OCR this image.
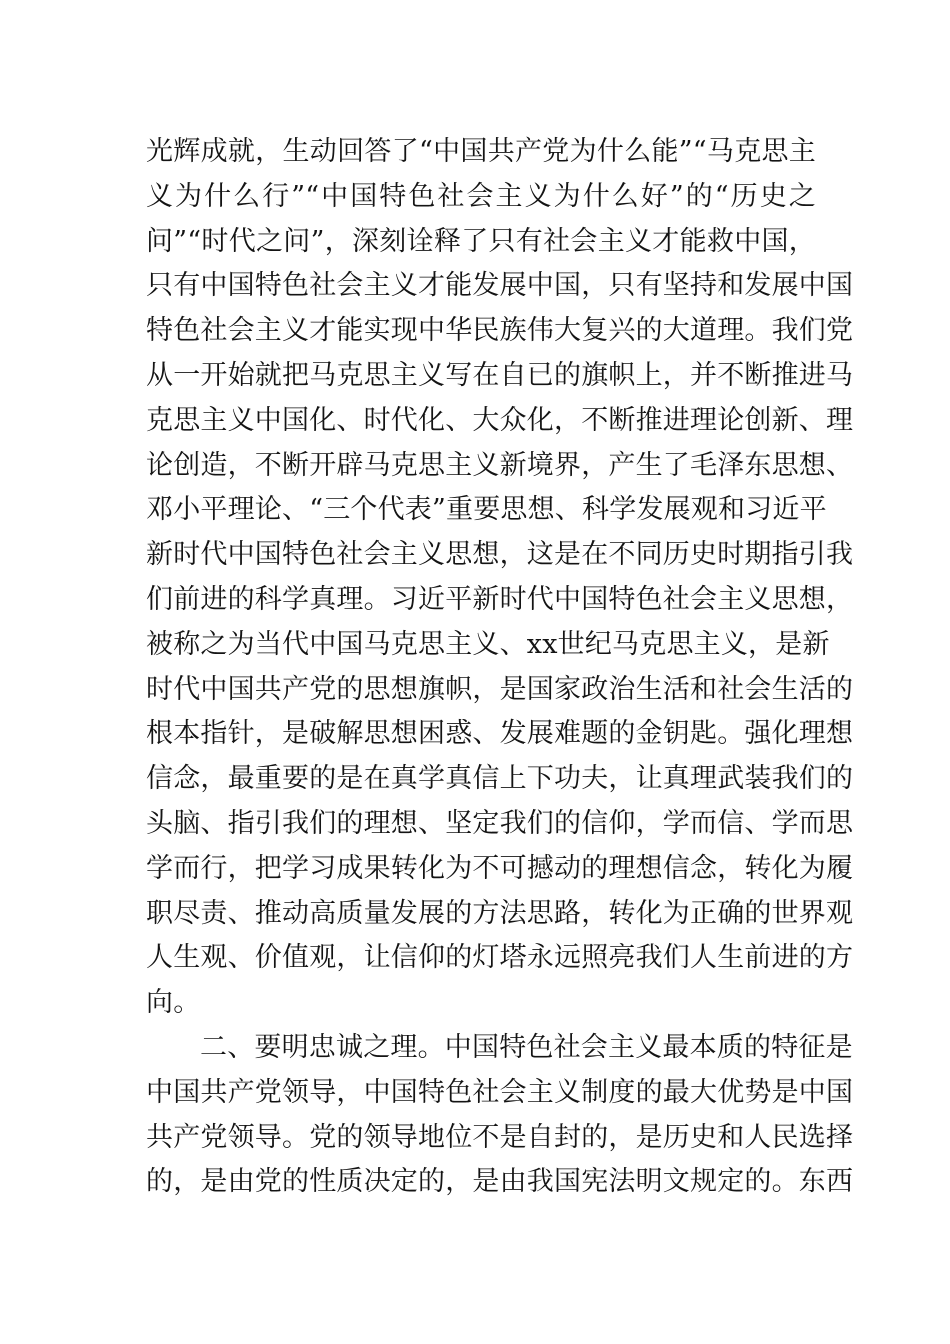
光辉成就，生动回答了“中国共产党为什么能”“马克思主
义为什么行”“中国特色社会主义为什么好”的“历史之
问”“时代之问”，深刻诠释了只有社会主义才能救中国，
只有中国特色社会主义才能发展中国，只有坚持和发展中国
特色社会主义才能实现中华民族伟大复兴的大道理。我们党
从一开始就把马克思主义写在自已的旗帜上，并不断推进马
克思主义中国化、时代化、大众化，不断推进理论创新、理
论创造，不断开辟马克思主义新境界，产生了毛泽东思想、
邓小平理论、“三个代表”重要思想、科学发展观和习近平
新时代中国特色社会主义思想，这是在不同历史时期指引我
们前进的科学真理。习近平新时代中国特色社会主义思想，
被称之为当代中国马克思主义、xx世纪马克思主义，是新
时代中国共产党的思想旗帜，是国家政治生活和社会生活的
根本指针，是破解思想困惑、发展难题的金钥匙。强化理想
信念，最重要的是在真学真信上下功夫，让真理武装我们的
头脑、指引我们的理想、坚定我们的信仰，学而信、学而思
学而行，把学习成果转化为不可撼动的理想信念，转化为履
职尽责、推动高质量发展的方法思路，转化为正确的世界观
人生观、价值观，让信仰的灯塔永远照亮我们人生前进的方
向。
二、要明忠诚之理。中国特色社会主义最本质的特征是
中国共产党领导，中国特色社会主义制度的最大优势是中国
共产党领导。党的领导地位不是自封的，是历史和人民选择
的，是由党的性质决定的，是由我国宪法明文规定的。东西
